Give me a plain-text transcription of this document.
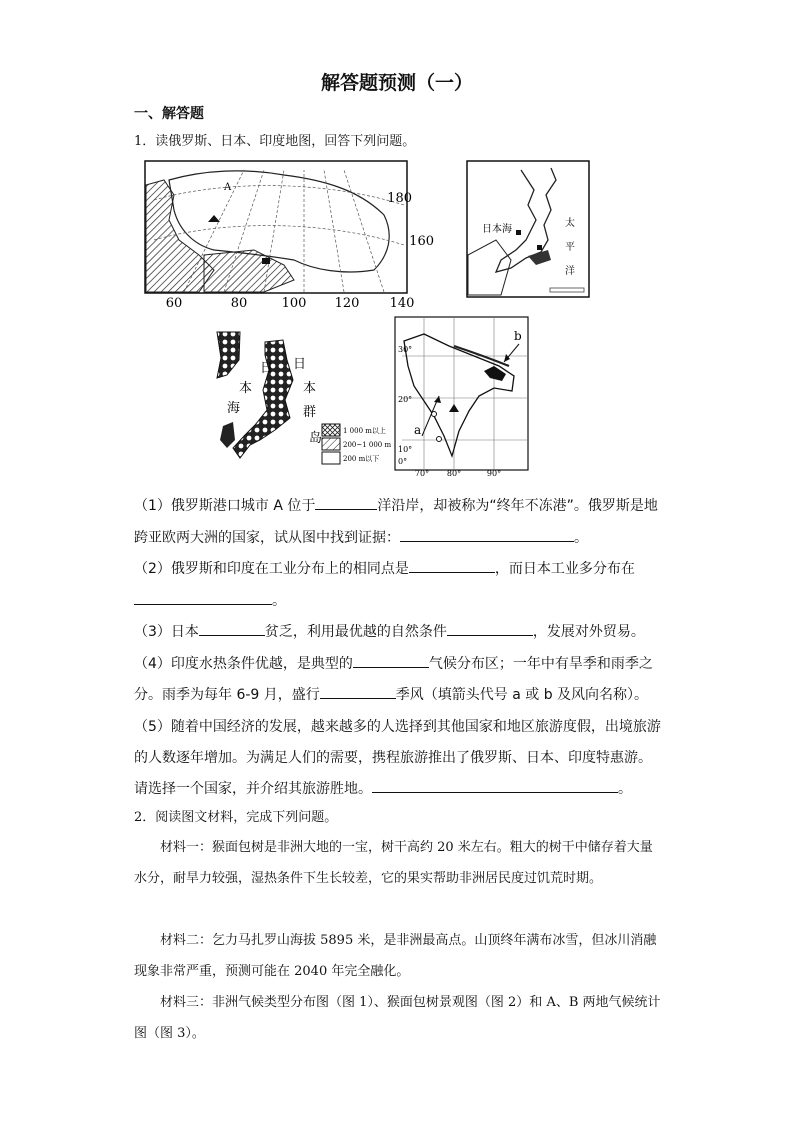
解答题预测（一）
一、解答题
1．读俄罗斯、日本、印度地图，回答下列问题。
A
180
160
60	80	100 120 140
日本海
太
平
洋
日
本
海
日
本
群
岛	1 000 m以上
200~1 000 m
200 m以下
a
b
30°
20°
10°
0°
70° 80°	90°
（1）俄罗斯港口城市 A 位于	洋沿岸，却被称为“终年不冻港”。俄罗斯是地
跨亚欧两大洲的国家，试从图中找到证据：	。
（2）俄罗斯和印度在工业分布上的相同点是	，而日本工业多分布在
。
（3）日本	贫乏，利用最优越的自然条件	，发展对外贸易。
（4）印度水热条件优越，是典型的	气候分布区；一年中有旱季和雨季之
分。雨季为每年 6-9 月，盛行	季风（填箭头代号 a 或 b 及风向名称）。
（5）随着中国经济的发展，越来越多的人选择到其他国家和地区旅游度假，出境旅游
的人数逐年增加。为满足人们的需要，携程旅游推出了俄罗斯、日本、印度特惠游。
请选择一个国家，并介绍其旅游胜地。	。
2．阅读图文材料，完成下列问题。
材料一：猴面包树是非洲大地的一宝，树干高约 20 米左右。粗大的树干中储存着大量水分，耐旱力较强，湿热条件下生长较差，它的果实帮助非洲居民度过饥荒时期。
材料二：乞力马扎罗山海拔 5895 米，是非洲最高点。山顶终年满布冰雪，但冰川消融现象非常严重，预测可能在 2040 年完全融化。
材料三：非洲气候类型分布图（图 1）、猴面包树景观图（图 2）和 A、B 两地气候统计图（图 3）。
